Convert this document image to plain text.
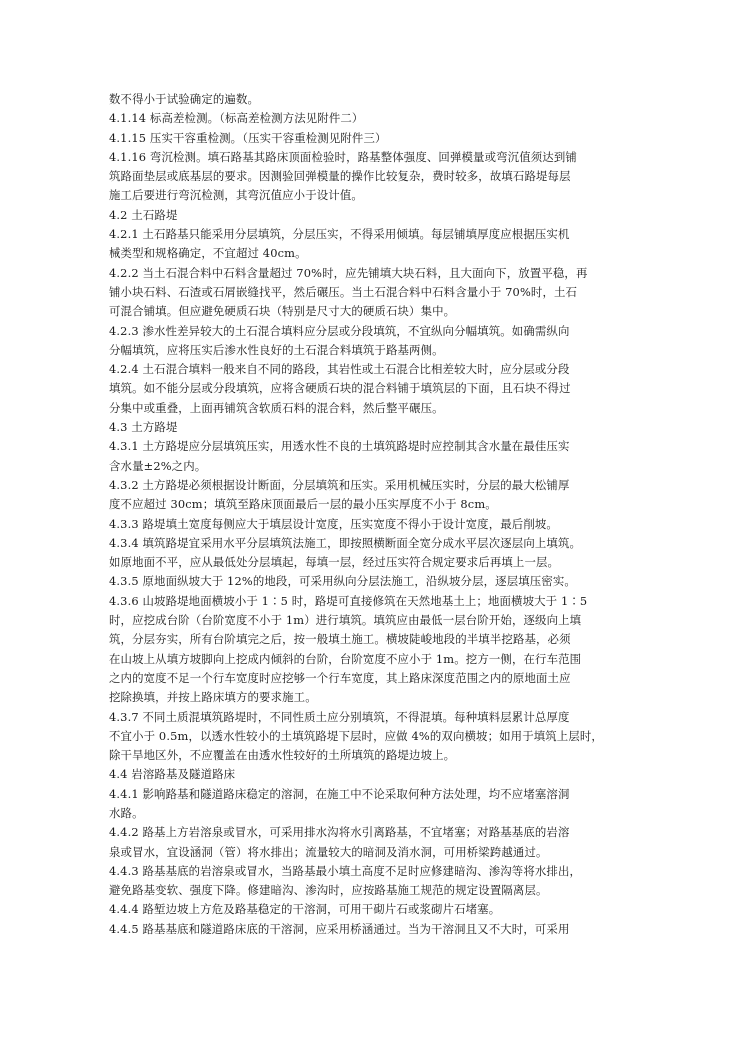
数不得小于试验确定的遍数。
4.1.14 标高差检测。（标高差检测方法见附件二）
4.1.15 压实干容重检测。（压实干容重检测见附件三）
4.1.16 弯沉检测。填石路基其路床顶面检验时，路基整体强度、回弹模量或弯沉值须达到铺
筑路面垫层或底基层的要求。因测验回弹模量的操作比较复杂，费时较多，故填石路堤每层
施工后要进行弯沉检测，其弯沉值应小于设计值。
4.2 土石路堤
4.2.1 土石路基只能采用分层填筑，分层压实，不得采用倾填。每层铺填厚度应根据压实机
械类型和规格确定，不宜超过 40cm。
4.2.2 当土石混合料中石料含量超过 70%时，应先铺填大块石料，且大面向下，放置平稳，再
铺小块石料、石渣或石屑嵌缝找平，然后碾压。当土石混合料中石料含量小于 70%时，土石
可混合铺填。但应避免硬质石块（特别是尺寸大的硬质石块）集中。
4.2.3 渗水性差异较大的土石混合填料应分层或分段填筑，不宜纵向分幅填筑。如确需纵向
分幅填筑，应将压实后渗水性良好的土石混合料填筑于路基两侧。
4.2.4 土石混合填料一般来自不同的路段，其岩性或土石混合比相差较大时，应分层或分段
填筑。如不能分层或分段填筑，应将含硬质石块的混合料铺于填筑层的下面，且石块不得过
分集中或重叠，上面再铺筑含软质石料的混合料，然后整平碾压。
4.3 土方路堤
4.3.1 土方路堤应分层填筑压实，用透水性不良的土填筑路堤时应控制其含水量在最佳压实
含水量±2%之内。
4.3.2 土方路堤必须根据设计断面，分层填筑和压实。采用机械压实时，分层的最大松铺厚
度不应超过 30cm；填筑至路床顶面最后一层的最小压实厚度不小于 8cm。
4.3.3 路堤填土宽度每侧应大于填层设计宽度，压实宽度不得小于设计宽度，最后削坡。
4.3.4 填筑路堤宜采用水平分层填筑法施工，即按照横断面全宽分成水平层次逐层向上填筑。
如原地面不平，应从最低处分层填起，每填一层，经过压实符合规定要求后再填上一层。
4.3.5 原地面纵坡大于 12%的地段，可采用纵向分层法施工，沿纵坡分层，逐层填压密实。
4.3.6 山坡路堤地面横坡小于 1∶5 时，路堤可直接修筑在天然地基土上；地面横坡大于 1∶5
时，应挖成台阶（台阶宽度不小于 1m）进行填筑。填筑应由最低一层台阶开始，逐级向上填
筑，分层夯实，所有台阶填完之后，按一般填土施工。横坡陡峻地段的半填半挖路基，必须
在山坡上从填方坡脚向上挖成内倾斜的台阶，台阶宽度不应小于 1m。挖方一侧，在行车范围
之内的宽度不足一个行车宽度时应挖够一个行车宽度，其上路床深度范围之内的原地面土应
挖除换填，并按上路床填方的要求施工。
4.3.7 不同土质混填筑路堤时，不同性质土应分别填筑，不得混填。每种填料层累计总厚度
不宜小于 0.5m，以透水性较小的土填筑路堤下层时，应做 4%的双向横坡；如用于填筑上层时，
除干旱地区外，不应覆盖在由透水性较好的土所填筑的路堤边坡上。
4.4 岩溶路基及隧道路床
4.4.1 影响路基和隧道路床稳定的溶洞，在施工中不论采取何种方法处理，均不应堵塞溶洞
水路。
4.4.2 路基上方岩溶泉或冒水，可采用排水沟将水引离路基，不宜堵塞；对路基基底的岩溶
泉或冒水，宜设涵洞（管）将水排出；流量较大的暗洞及消水洞，可用桥梁跨越通过。
4.4.3 路基基底的岩溶泉或冒水，当路基最小填土高度不足时应修建暗沟、渗沟等将水排出，
避免路基变软、强度下降。修建暗沟、渗沟时，应按路基施工规范的规定设置隔离层。
4.4.4 路堑边坡上方危及路基稳定的干溶洞，可用干砌片石或浆砌片石堵塞。
4.4.5 路基基底和隧道路床底的干溶洞，应采用桥涵通过。当为干溶洞且又不大时，可采用
